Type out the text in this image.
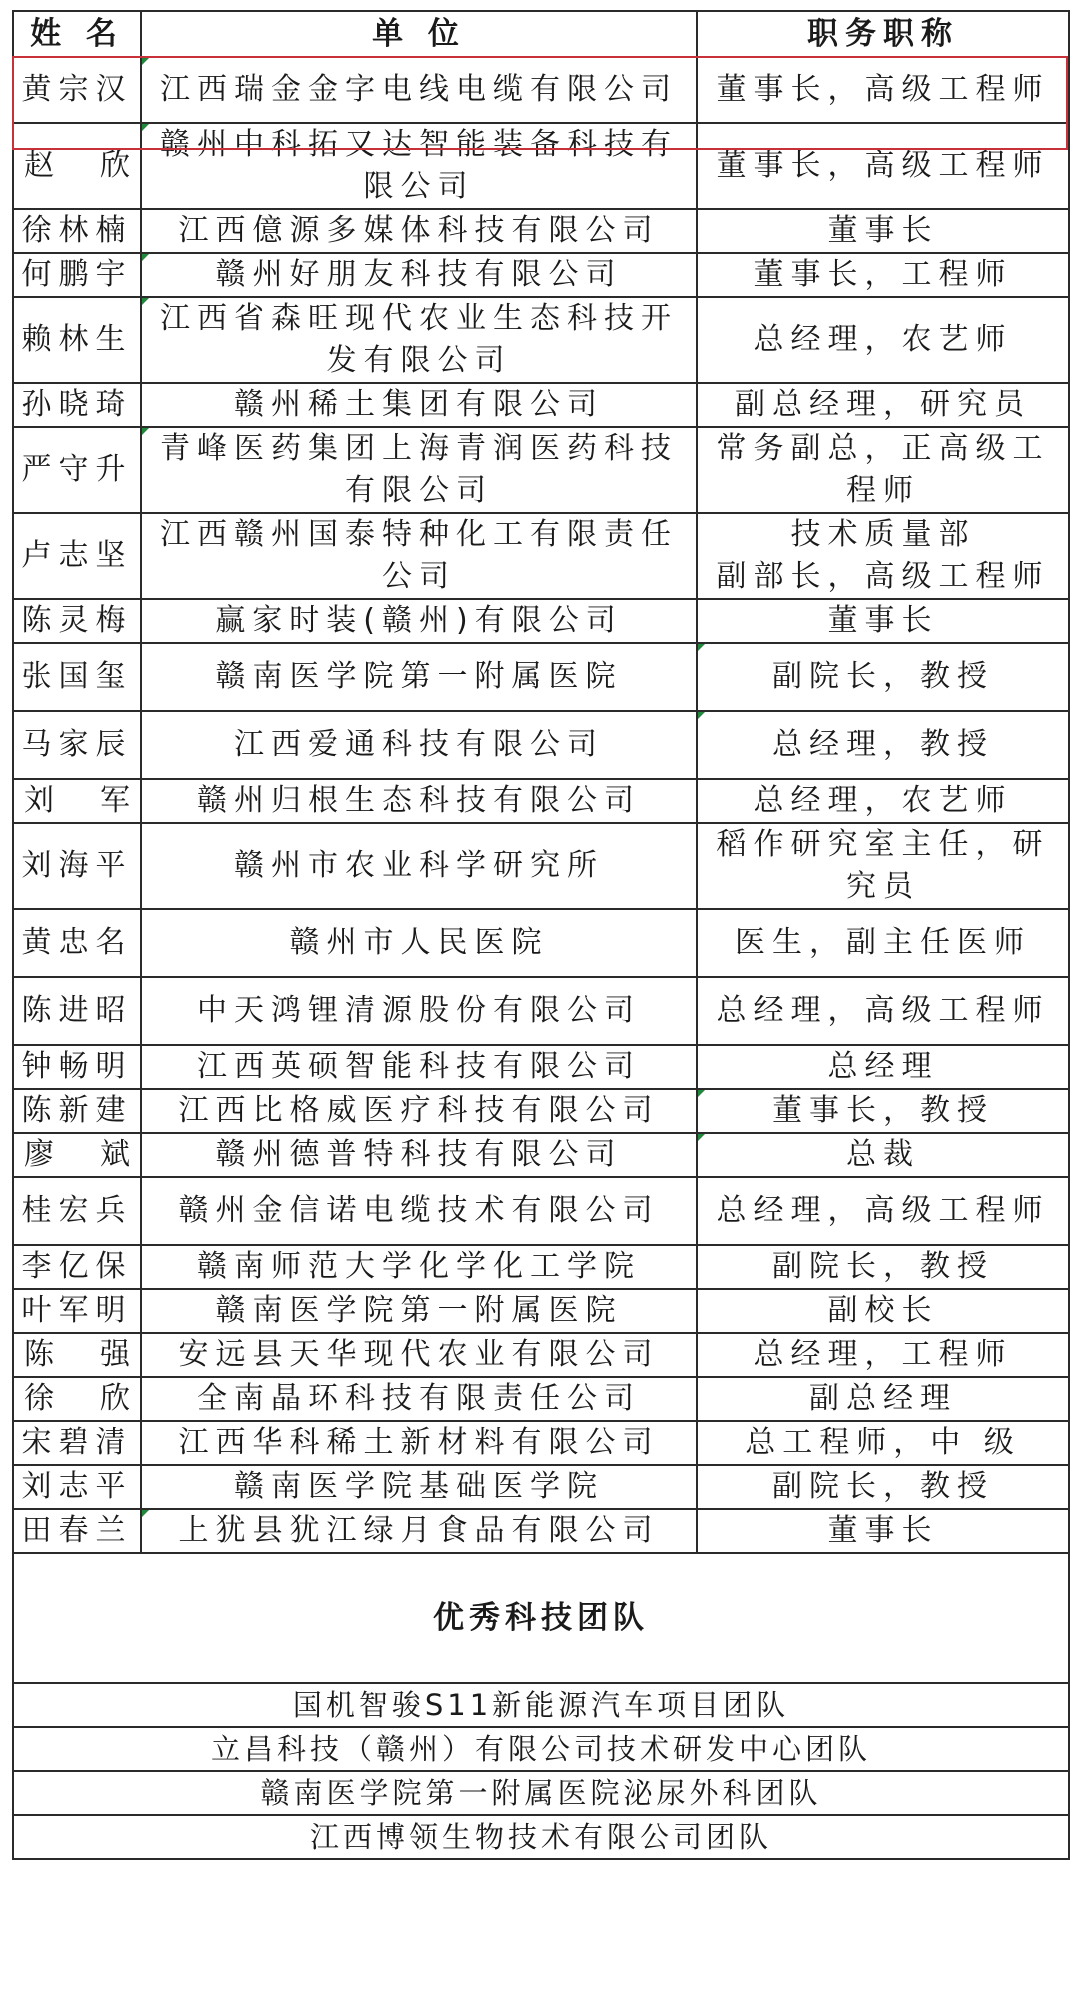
姓 名	单 位	职务职称
黄宗汉	江西瑞金金字电线电缆有限公司	董事长，高级工程师

赵 欣	赣州中科拓又达智能装备科技有限公司	董事长，高级工程师
徐林楠	江西億源多媒体科技有限公司	董事长
何鹏宇	赣州好朋友科技有限公司	董事长，工程师
赖林生	江西省森旺现代农业生态科技开发有限公司	总经理，农艺师
孙晓琦	赣州稀土集团有限公司	副总经理，研究员
严守升	青峰医药集团上海青润医药科技有限公司	常务副总，正高级工程师
卢志坚	江西赣州国泰特种化工有限责任公司	技术质量部
副部长，高级工程师

陈灵梅	赢家时装(赣州)有限公司	董事长
张国玺	赣南医学院第一附属医院	副院长，教授
马家辰	江西爱通科技有限公司	总经理，教授

刘 军	赣州归根生态科技有限公司	总经理，农艺师
刘海平	赣州市农业科学研究所	稻作研究室主任，研究员
黄忠名	赣州市人民医院	医生，副主任医师
陈进昭	中天鸿锂清源股份有限公司	总经理，高级工程师
钟畅明	江西英硕智能科技有限公司	总经理
陈新建	江西比格威医疗科技有限公司	董事长，教授

廖 斌	赣州德普特科技有限公司	总裁
桂宏兵	赣州金信诺电缆技术有限公司	总经理，高级工程师
李亿保	赣南师范大学化学化工学院	副院长，教授
叶军明	赣南医学院第一附属医院	副校长

陈 强	安远县天华现代农业有限公司	总经理，工程师

徐 欣	全南晶环科技有限责任公司	副总经理
宋碧清	江西华科稀土新材料有限公司	总工程师，中 级
刘志平	赣南医学院基础医学院	副院长，教授
田春兰	上犹县犹江绿月食品有限公司	董事长
优秀科技团队		
国机智骏S11新能源汽车项目团队		
立昌科技（赣州）有限公司技术研发中心团队		
赣南医学院第一附属医院泌尿外科团队		
江西博领生物技术有限公司团队		
